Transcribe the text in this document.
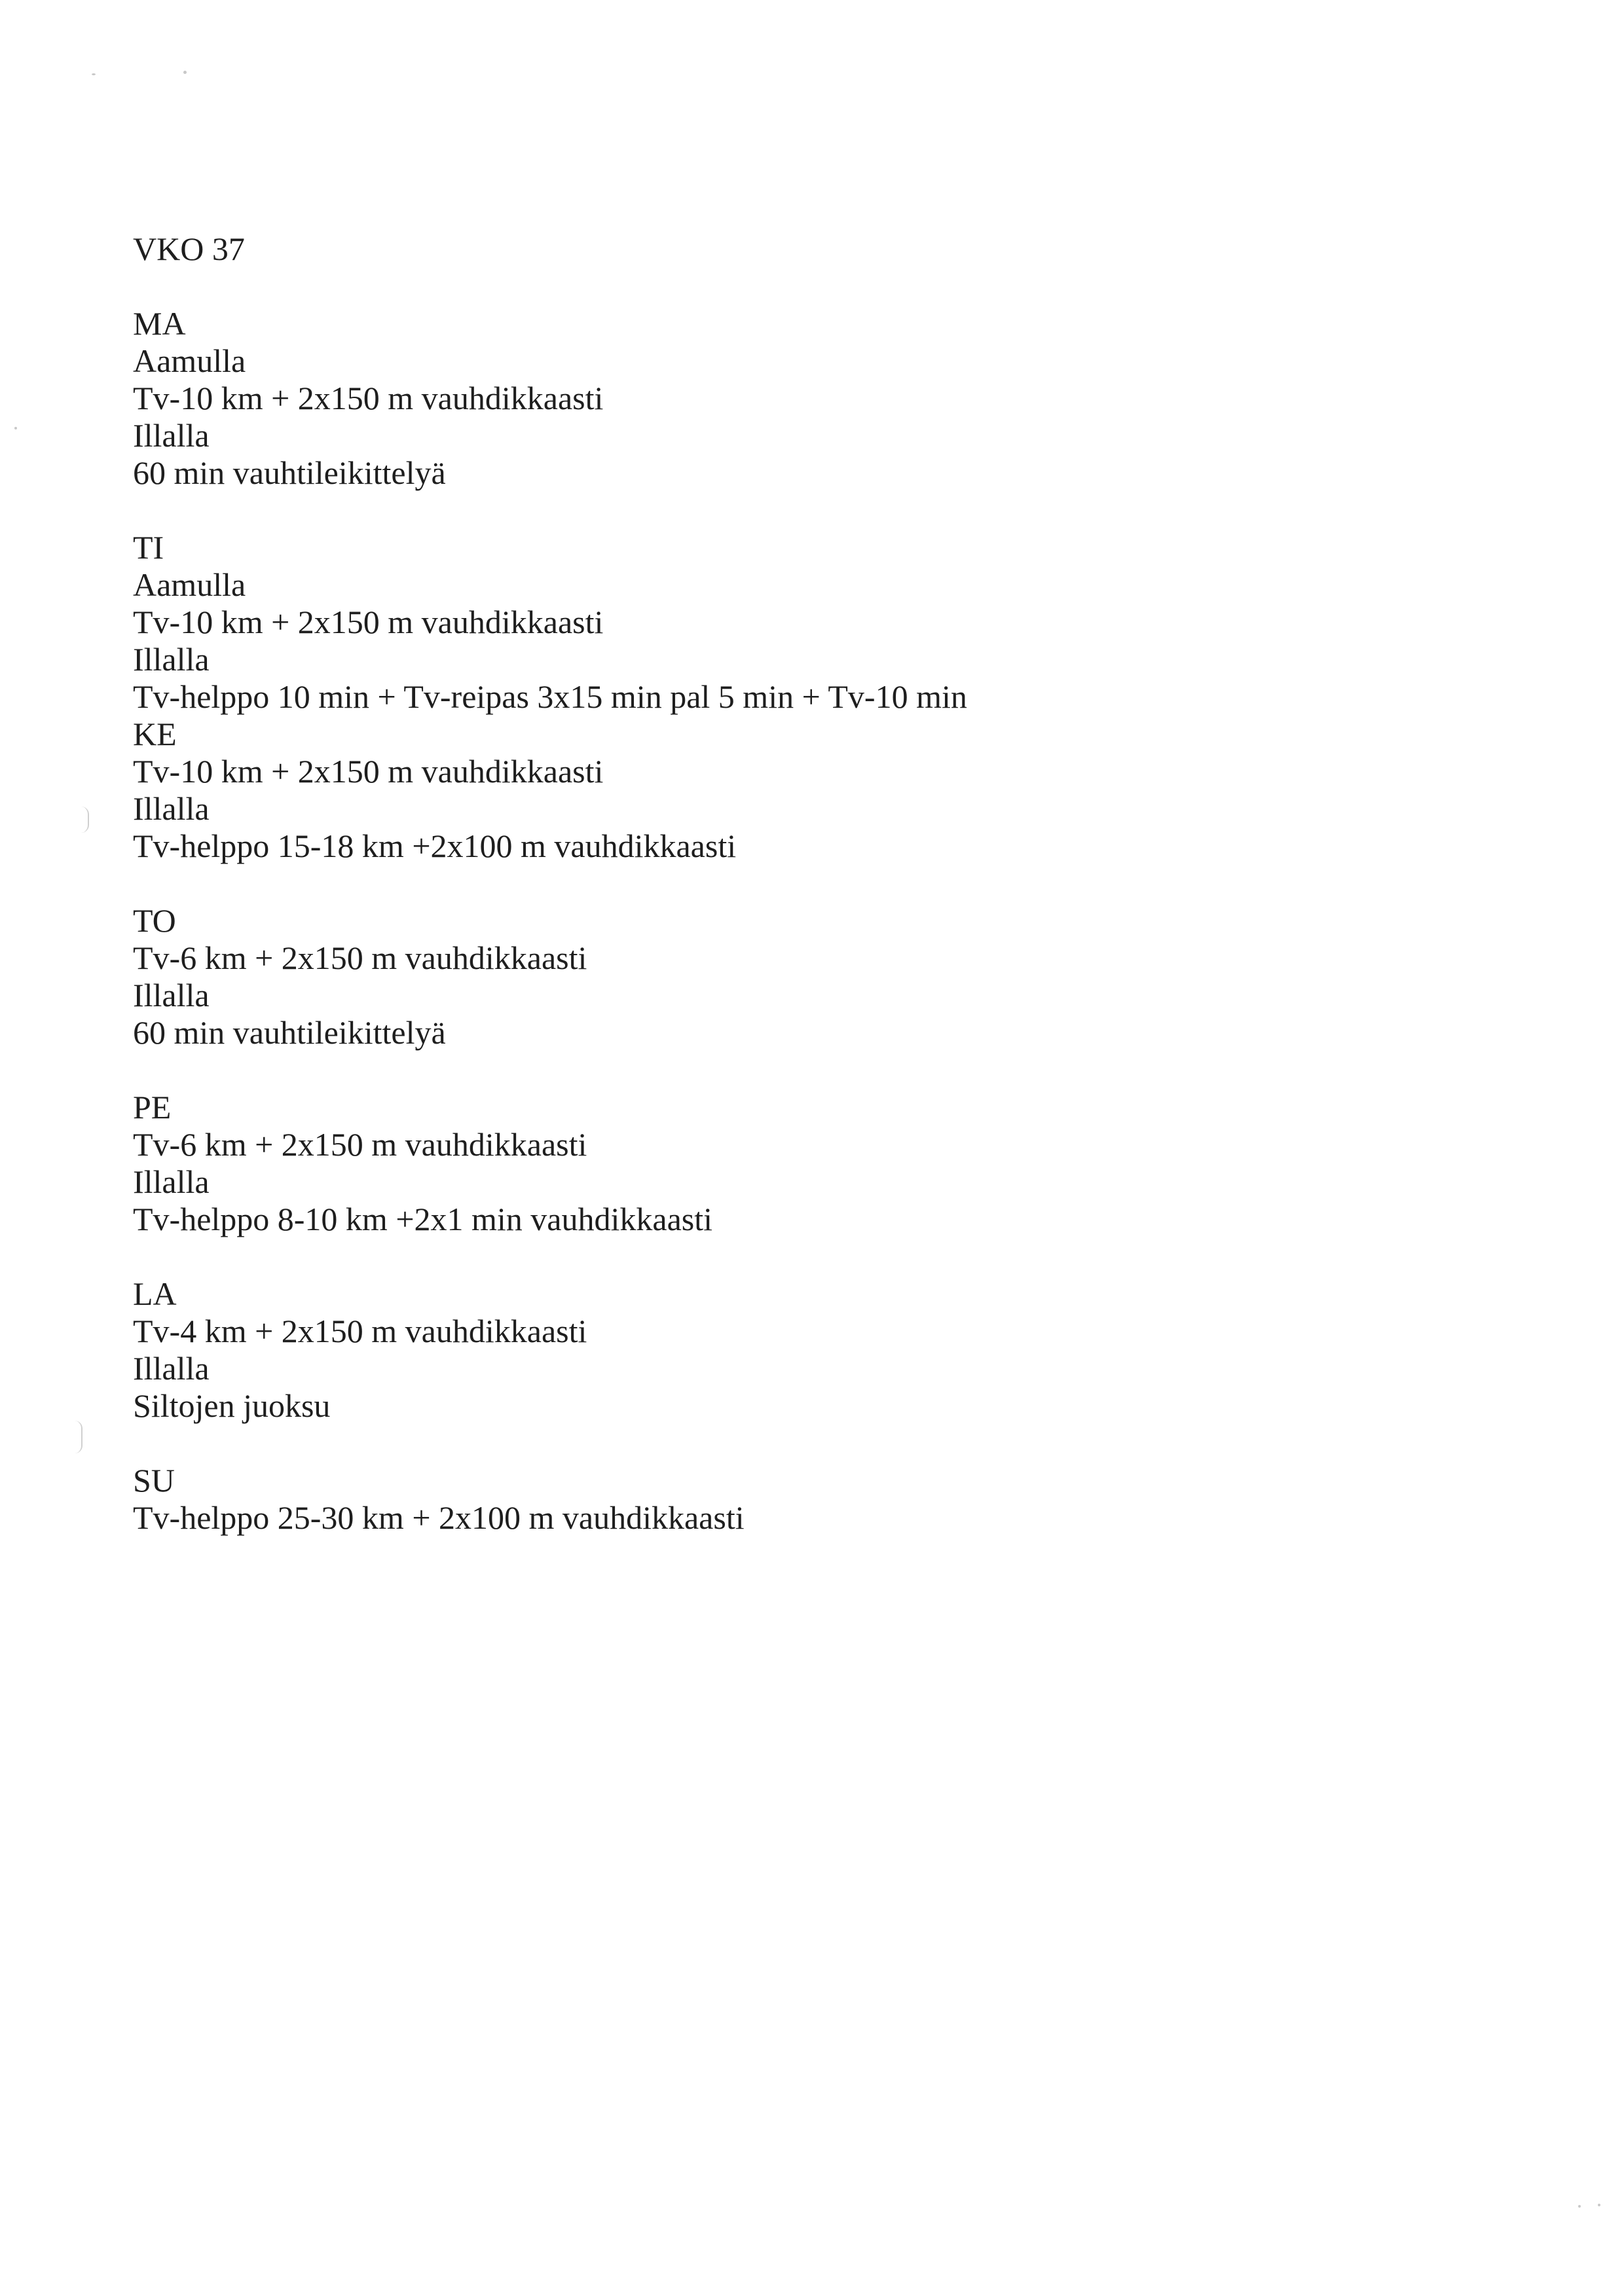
VKO 37
MA
Aamulla
Tv-10 km + 2x150 m vauhdikkaasti
Illalla
60 min vauhtileikittelyä
TI
Aamulla
Tv-10 km + 2x150 m vauhdikkaasti
Illalla
Tv-helppo 10 min + Tv-reipas 3x15 min pal 5 min + Tv-10 min
KE
Tv-10 km + 2x150 m vauhdikkaasti
Illalla
Tv-helppo 15-18 km +2x100 m vauhdikkaasti
TO
Tv-6 km + 2x150 m vauhdikkaasti
Illalla
60 min vauhtileikittelyä
PE
Tv-6 km + 2x150 m vauhdikkaasti
Illalla
Tv-helppo 8-10 km +2x1 min vauhdikkaasti
LA
Tv-4 km + 2x150 m vauhdikkaasti
Illalla
Siltojen juoksu
SU
Tv-helppo 25-30 km + 2x100 m vauhdikkaasti
